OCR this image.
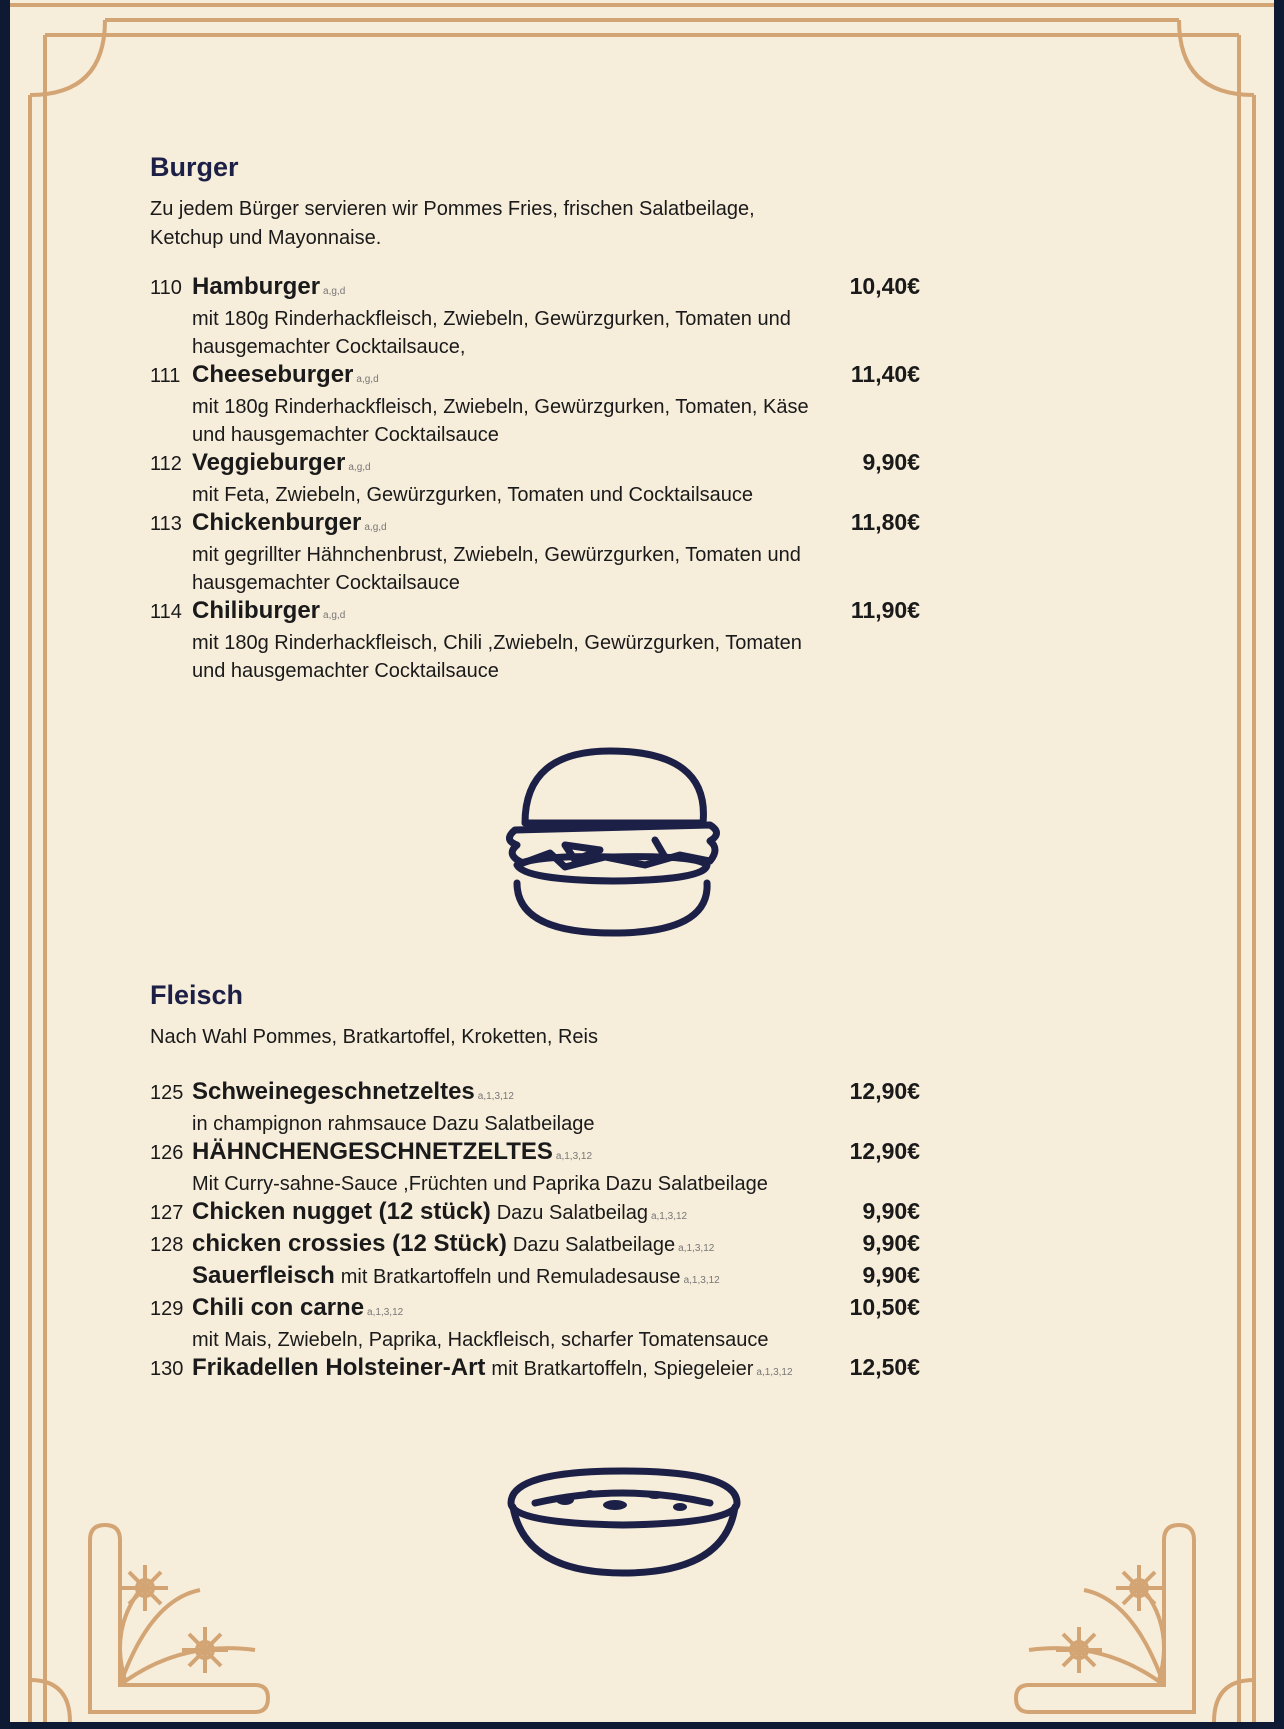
Burger

Zu jedem Bürger servieren wir Pommes Fries, frischen Salatbeilage, Ketchup und Mayonnaise.

110 Hamburger a,g,d	10,40€
mit 180g Rinderhackfleisch, Zwiebeln, Gewürzgurken, Tomaten und hausgemachter Cocktailsauce,
111 Cheeseburger a,g,d	11,40€
mit 180g Rinderhackfleisch, Zwiebeln, Gewürzgurken, Tomaten, Käse und hausgemachter Cocktailsauce
112 Veggieburger a,g,d	9,90€
mit Feta, Zwiebeln, Gewürzgurken, Tomaten und Cocktailsauce
113 Chickenburger a,g,d	11,80€
mit gegrillter Hähnchenbrust, Zwiebeln, Gewürzgurken, Tomaten und hausgemachter Cocktailsauce
114 Chiliburger a,g,d	11,90€
mit 180g Rinderhackfleisch, Chili ,Zwiebeln, Gewürzgurken, Tomaten und hausgemachter Cocktailsauce
Fleisch

Nach Wahl Pommes, Bratkartoffel, Kroketten, Reis

125 Schweinegeschnetzeltes a,1,3,12	12,90€
in champignon rahmsauce Dazu Salatbeilage
126 HÄHNCHENGESCHNETZELTES a,1,3,12	12,90€
Mit Curry-sahne-Sauce ,Früchten und Paprika Dazu Salatbeilage
127 Chicken nugget (12 stück) Dazu Salatbeilag a,1,3,12	9,90€
128 chicken crossies (12 Stück) Dazu Salatbeilage a,1,3,12	9,90€
Sauerfleisch mit Bratkartoffeln und Remuladesause a,1,3,12	9,90€
129 Chili con carne a,1,3,12	10,50€
mit Mais, Zwiebeln, Paprika, Hackfleisch, scharfer Tomatensauce
130 Frikadellen Holsteiner-Art mit Bratkartoffeln, Spiegeleier a,1,3,12 12,50€
